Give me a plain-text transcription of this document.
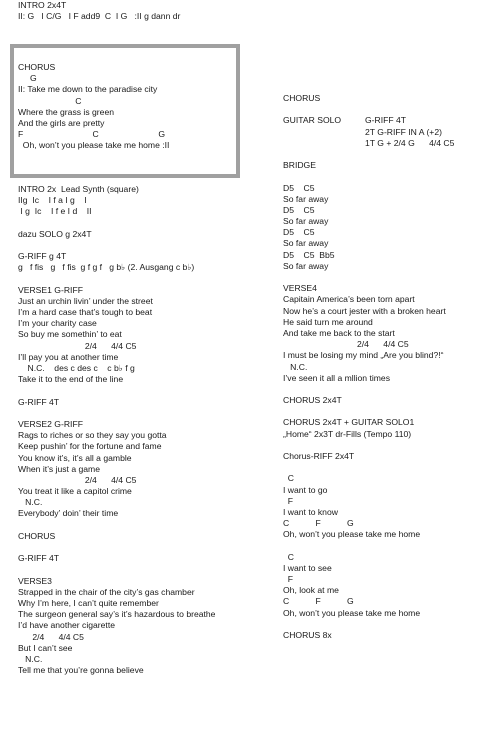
INTRO 2x4T
II: G   I C/G   I F add9  C  I G   :II g dann dr
CHORUS
G
II: Take me down to the paradise city
C
Where the grass is green
And the girls are pretty
F                             C                         G
Oh, won’t you please take me home :II
INTRO 2x  Lead Synth (square)
IIg  Ic    I f a I g    I
I g  Ic    I f e I d    II
dazu SOLO g 2x4T
G-RIFF g 4T
g   f fis   g   f fis  g f g f   g b♭ (2. Ausgang c b♭)
VERSE1 G-RIFF
Just an urchin livin’ under the street
I’m a hard case that’s tough to beat
I’m your charity case
So buy me somethin’ to eat
2/4      4/4 C5
I’ll pay you at another time
N.C.    des c des c    c b♭ f g
Take it to the end of the line
G-RIFF 4T
VERSE2 G-RIFF
Rags to riches or so they say you gotta
Keep pushin’ for the fortune and fame
You know it’s, it’s all a gamble
When it’s just a game
2/4      4/4 C5
You treat it like a capitol crime
N.C.
Everybody’ doin’ their time
CHORUS
G-RIFF 4T
VERSE3
Strapped in the chair of the city’s gas chamber
Why I’m here, I can’t quite remember
The surgeon general say’s it’s hazardous to breathe
I’d have another cigarette
2/4      4/4 C5
But I can’t see
N.C.
Tell me that you’re gonna believe
CHORUS
GUITAR SOLO	G-RIFF 4T
2T G-RIFF IN A (+2)
1T G + 2/4 G      4/4 C5
BRIDGE
D5    C5
So far away
D5    C5
So far away
D5    C5
So far away
D5    C5  Bb5
So far away
VERSE4
Capitain America’s been torn apart
Now he’s a court jester with a broken heart
He said turn me around
And take me back to the start
2/4      4/4 C5
I must be losing my mind „Are you blind?!“
N.C.
I’ve seen it all a mllion times
CHORUS 2x4T
CHORUS 2x4T + GUITAR SOLO1
„Home“ 2x3T dr-Fills (Tempo 110)
Chorus-RIFF 2x4T
C
I want to go
F
I want to know
C           F           G
Oh, won’t you please take me home
C
I want to see
F
Oh, look at me
C           F           G
Oh, won’t you please take me home
CHORUS 8x
